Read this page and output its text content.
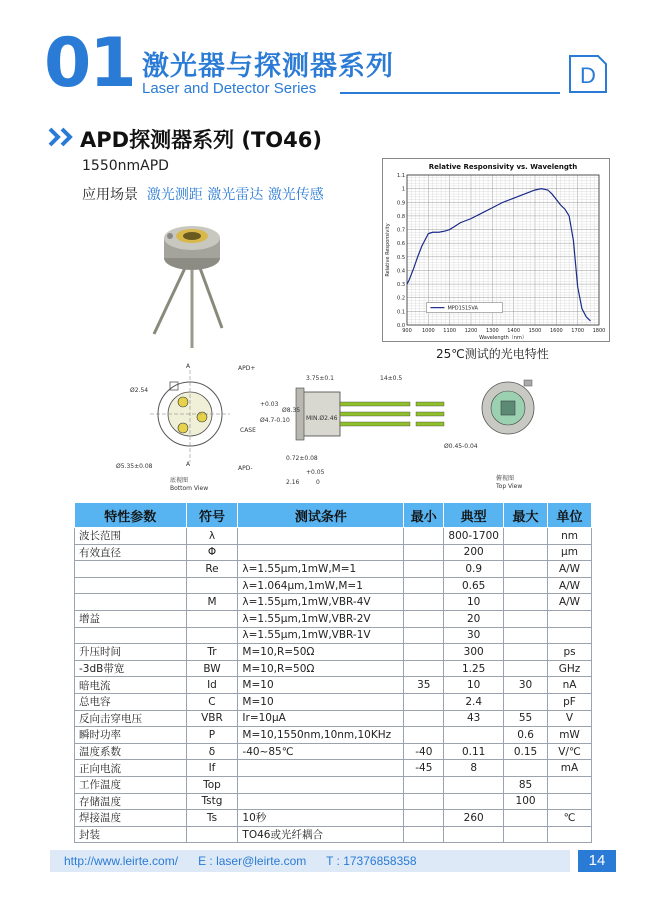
01 激光器与探测器系列
Laser and Detector Series
D
APD探测器系列 (TO46)
1550nmAPD
应用场景 激光测距 激光雷达 激光传感
Relative Responsivity vs. Wavelength
900 1000 1100 1200 1300 1400 1500 1600 1700 1800
0.0
0.1
0.2
0.3
0.4
0.5
0.6
0.7
0.8
0.9
1
1.1
Wavelength（nm）
Relative Responsivity
MPD1515VA
25℃测试的光电特性
A
A
Ø2.54
Ø5.35±0.08
APD+
APD-
CASE
底视图
Bottom View
3.75±0.1	14±0.5
Ø8.35
Ø4.7-0.10	MIN.Ø2.46
0.72±0.08
2.16	0
+0.05
+0.03
Ø0.45-0.04
俯视图
Top View
特性参数	符号	测试条件	最小	典型	最大	单位
波长范围	λ			800-1700		nm
有效直径	Φ			200		μm
	Re	λ=1.55μm,1mW,M=1		0.9		A/W
		λ=1.064μm,1mW,M=1		0.65		A/W
	M	λ=1.55μm,1mW,VBR-4V		10		A/W
增益		λ=1.55μm,1mW,VBR-2V		20		
		λ=1.55μm,1mW,VBR-1V		30		
升压时间	Tr	M=10,R=50Ω		300		ps
-3dB带宽	BW	M=10,R=50Ω		1.25		GHz
暗电流	Id	M=10	35	10	30	nA
总电容	C	M=10		2.4		pF
反向击穿电压	VBR	Ir=10μA		43	55	V
瞬时功率	P	M=10,1550nm,10nm,10KHz			0.6	mW
温度系数	δ	-40~85℃	-40	0.11	0.15	V/℃
正向电流	If		-45	8		mA
工作温度	Top				85	
存储温度	Tstg				100	
焊接温度	Ts	10秒		260		℃
封装		TO46或光纤耦合				
http://www.leirte.com/ E : laser@leirte.com T : 17376858358	14
